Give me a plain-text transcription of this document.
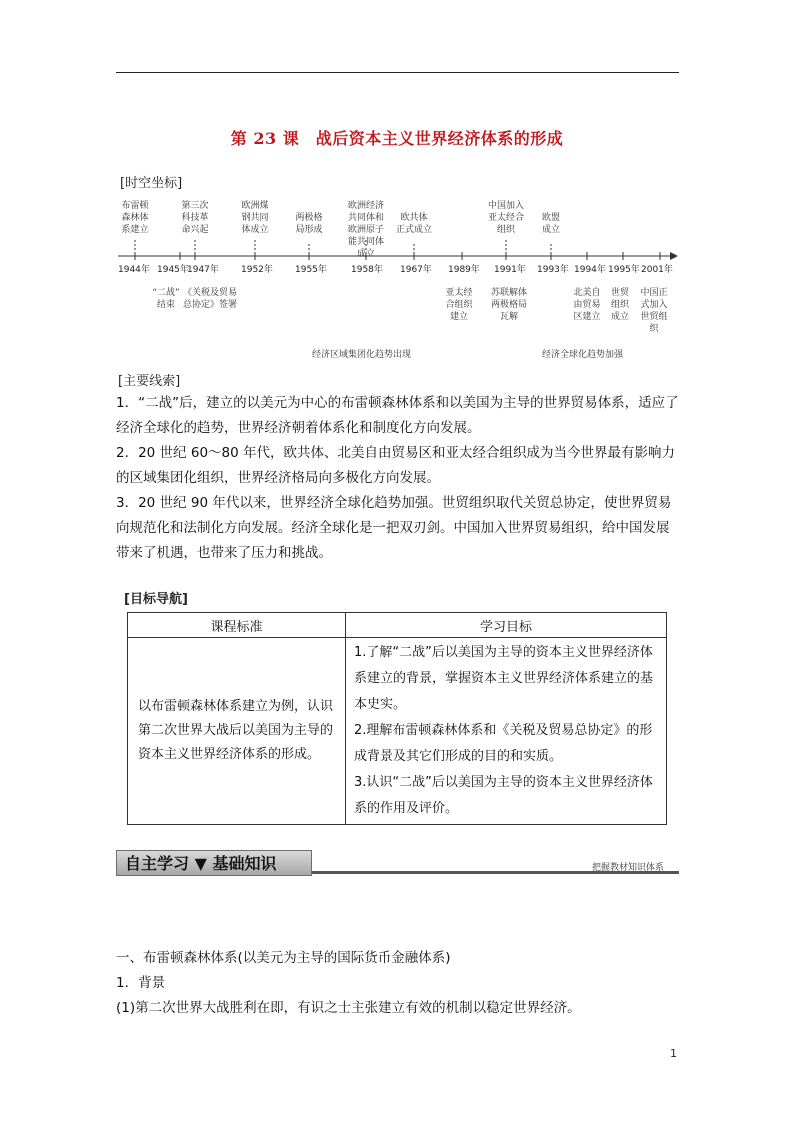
第 23 课　战后资本主义世界经济体系的形成
[时空坐标]
布雷顿
森林体
系建立
第三次
科技革
命兴起
欧洲煤
钢共同
体成立
两极格
局形成
欧洲经济
共同体和
欧洲原子
能共同体
成立
欧共体
正式成立
中国加入
亚太经合
组织
欧盟
成立
1944年 1945年
1947年 1952年 1955年	1958年 1967年 1989年 1991年 1993年 1994年 1995年 2001年
“二战”
结束
《关税及贸易
总协定》签署
亚太经
合组织
建立
苏联解体
两极格局
瓦解
北美自
由贸易
区建立
世贸
组织
成立
中国正
式加入
世贸组
织
经济区域集团化趋势出现	经济全球化趋势加强
[主要线索]

1．“二战”后，建立的以美元为中心的布雷顿森林体系和以美国为主导的世界贸易体系，适应了经济全球化的趋势，世界经济朝着体系化和制度化方向发展。

2．20 世纪 60～80 年代，欧共体、北美自由贸易区和亚太经合组织成为当今世界最有影响力的区域集团化组织，世界经济格局向多极化方向发展。

3．20 世纪 90 年代以来，世界经济全球化趋势加强。世贸组织取代关贸总协定，使世界贸易向规范化和法制化方向发展。经济全球化是一把双刃剑。中国加入世界贸易组织，给中国发展带来了机遇，也带来了压力和挑战。

[目标导航]
课程标准	学习目标
以布雷顿森林体系建立为例，认识第二次世界大战后以美国为主导的资本主义世界经济体系的形成。	1.了解“二战”后以美国为主导的资本主义世界经济体系建立的背景，掌握资本主义世界经济体系建立的基本史实。

2.理解布雷顿森林体系和《关税及贸易总协定》的形成背景及其它们形成的目的和实质。

3.认识“二战”后以美国为主导的资本主义世界经济体系的作用及评价。

自主学习 ▼ 基础知识	把握教材知识体系

一、布雷顿森林体系(以美元为主导的国际货币金融体系)

1．背景

(1)第二次世界大战胜利在即，有识之士主张建立有效的机制以稳定世界经济。

1
